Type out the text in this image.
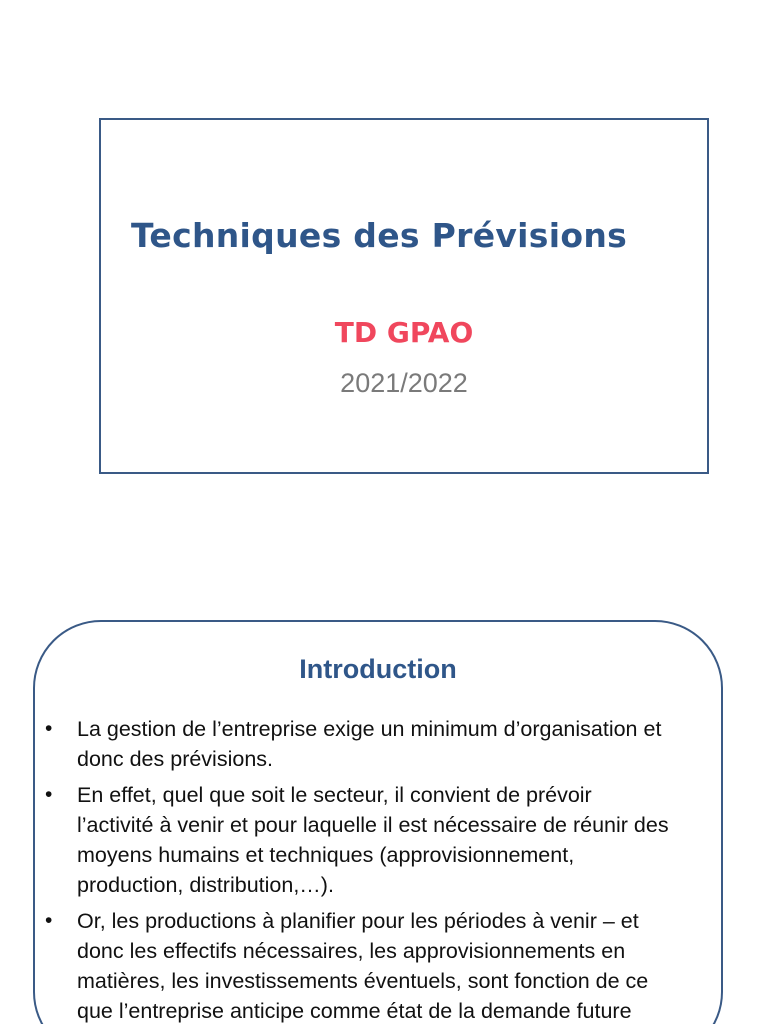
Techniques des Prévisions
TD GPAO
2021/2022
Introduction
• La gestion de l’entreprise exige un minimum d’organisation et
donc des prévisions.
• En effet, quel que soit le secteur, il convient de prévoir
l’activité à venir et pour laquelle il est nécessaire de réunir des
moyens humains et techniques (approvisionnement,
production, distribution,…).
• Or, les productions à planifier pour les périodes à venir – et
donc les effectifs nécessaires, les approvisionnements en
matières, les investissements éventuels, sont fonction de ce
que l’entreprise anticipe comme état de la demande future
